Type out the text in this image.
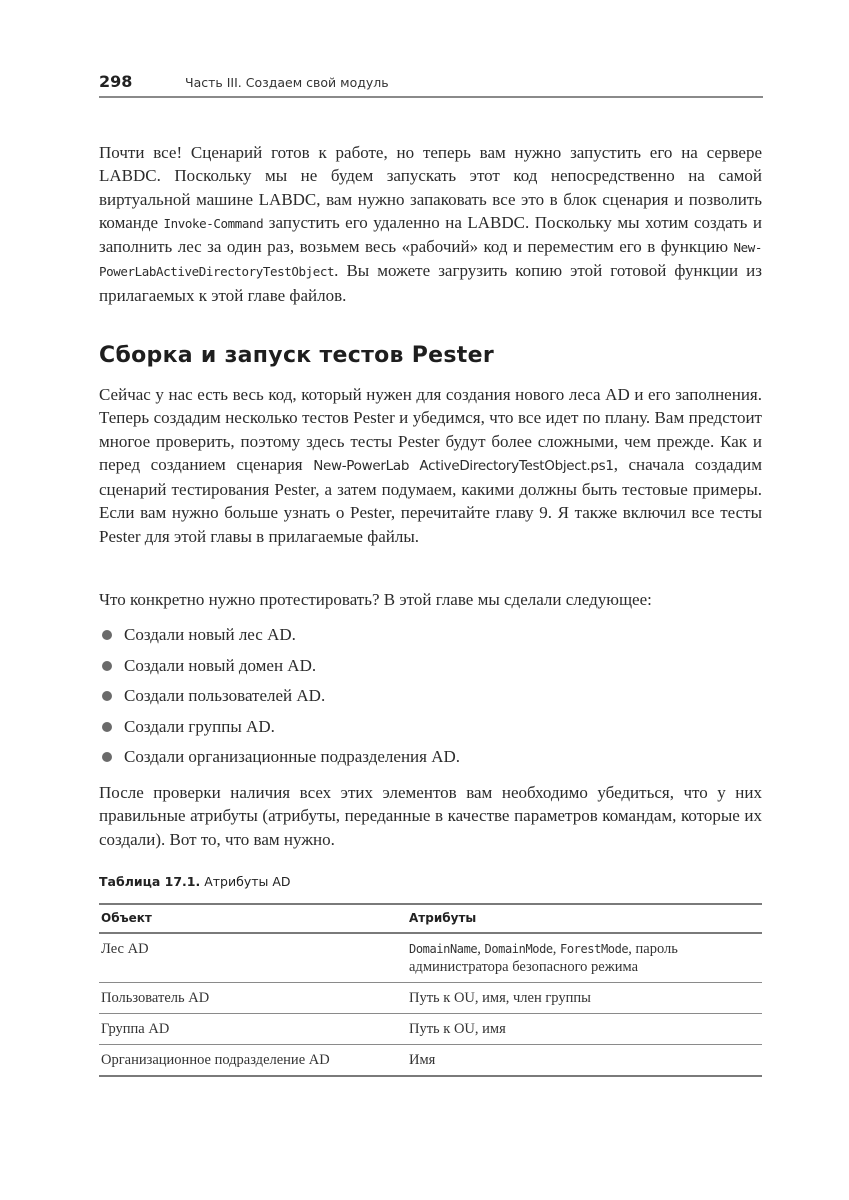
298	Часть III. Создаем свой модуль

Почти все! Сценарий готов к работе, но теперь вам нужно запустить его на сервере LABDC. Поскольку мы не будем запускать этот код непосредственно на самой виртуальной машине LABDC, вам нужно запаковать все это в блок сценария и позволить команде Invoke-Command запустить его удаленно на LABDC. Поскольку мы хотим создать и заполнить лес за один раз, возьмем весь «рабочий» код и переместим его в функцию New-PowerLabActiveDirectoryTestObject. Вы можете загрузить копию этой готовой функции из прилагаемых к этой главе файлов.

Сборка и запуск тестов Pester

Сейчас у нас есть весь код, который нужен для создания нового леса AD и его заполнения. Теперь создадим несколько тестов Pester и убедимся, что все идет по плану. Вам предстоит многое проверить, поэтому здесь тесты Pester будут более сложными, чем прежде. Как и перед созданием сценария New-PowerLab ActiveDirectoryTestObject.ps1, сначала создадим сценарий тестирования Pester, а затем подумаем, какими должны быть тестовые примеры. Если вам нужно больше узнать о Pester, перечитайте главу 9. Я также включил все тесты Pester для этой главы в прилагаемые файлы.

Что конкретно нужно протестировать? В этой главе мы сделали следующее:

Создали новый лес AD.
Создали новый домен AD.
Создали пользователей AD.
Создали группы AD.
Создали организационные подразделения AD.

После проверки наличия всех этих элементов вам необходимо убедиться, что у них правильные атрибуты (атрибуты, переданные в качестве параметров командам, которые их создали). Вот то, что вам нужно.

Таблица 17.1. Атрибуты AD
Объект	Атрибуты
Лес AD	DomainName, DomainMode, ForestMode, пароль администратора безопасного режима
Пользователь AD	Путь к OU, имя, член группы
Группа AD	Путь к OU, имя
Организационное подразделение AD	Имя
